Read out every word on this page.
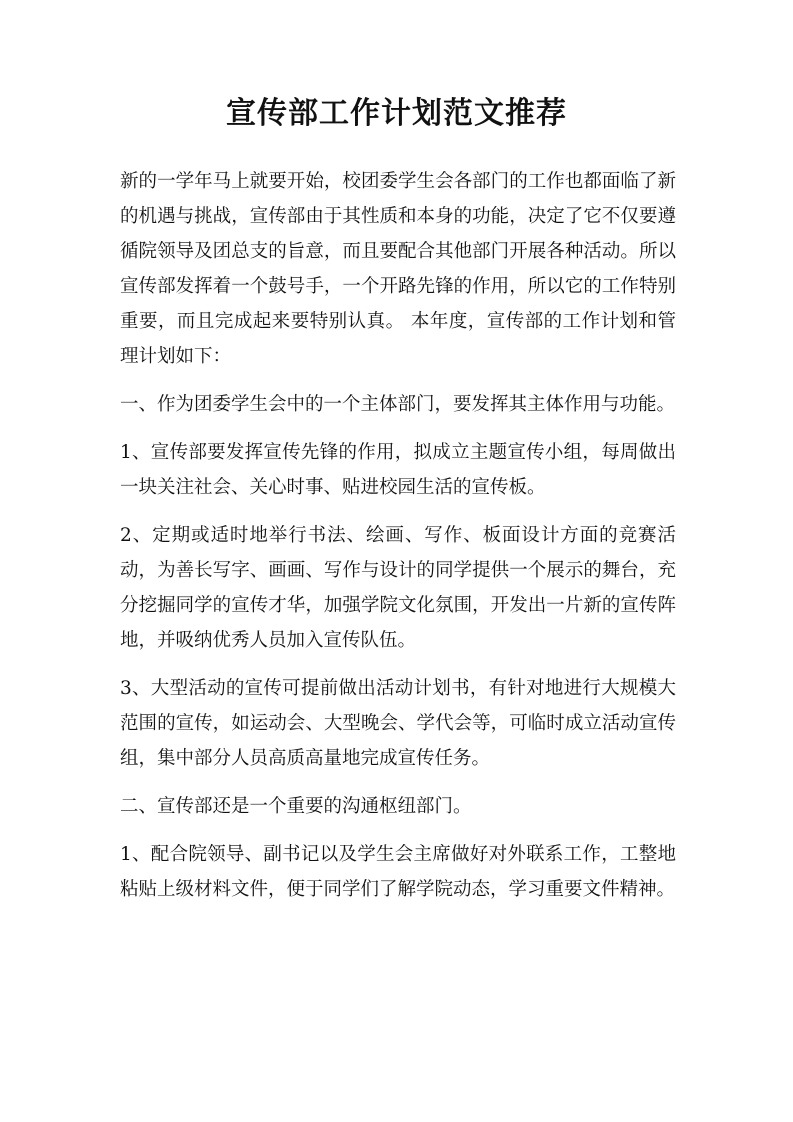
宣传部工作计划范文推荐

新的一学年马上就要开始，校团委学生会各部门的工作也都面临了新的机遇与挑战，宣传部由于其性质和本身的功能，决定了它不仅要遵循院领导及团总支的旨意，而且要配合其他部门开展各种活动。所以宣传部发挥着一个鼓号手，一个开路先锋的作用，所以它的工作特别重要，而且完成起来要特别认真。 本年度，宣传部的工作计划和管理计划如下：

一、作为团委学生会中的一个主体部门，要发挥其主体作用与功能。

1、宣传部要发挥宣传先锋的作用，拟成立主题宣传小组，每周做出一块关注社会、关心时事、贴进校园生活的宣传板。

2、定期或适时地举行书法、绘画、写作、板面设计方面的竞赛活动，为善长写字、画画、写作与设计的同学提供一个展示的舞台，充分挖掘同学的宣传才华，加强学院文化氛围，开发出一片新的宣传阵地，并吸纳优秀人员加入宣传队伍。

3、大型活动的宣传可提前做出活动计划书，有针对地进行大规模大范围的宣传，如运动会、大型晚会、学代会等，可临时成立活动宣传组，集中部分人员高质高量地完成宣传任务。

二、宣传部还是一个重要的沟通枢纽部门。

1、配合院领导、副书记以及学生会主席做好对外联系工作，工整地粘贴上级材料文件，便于同学们了解学院动态，学习重要文件精神。
